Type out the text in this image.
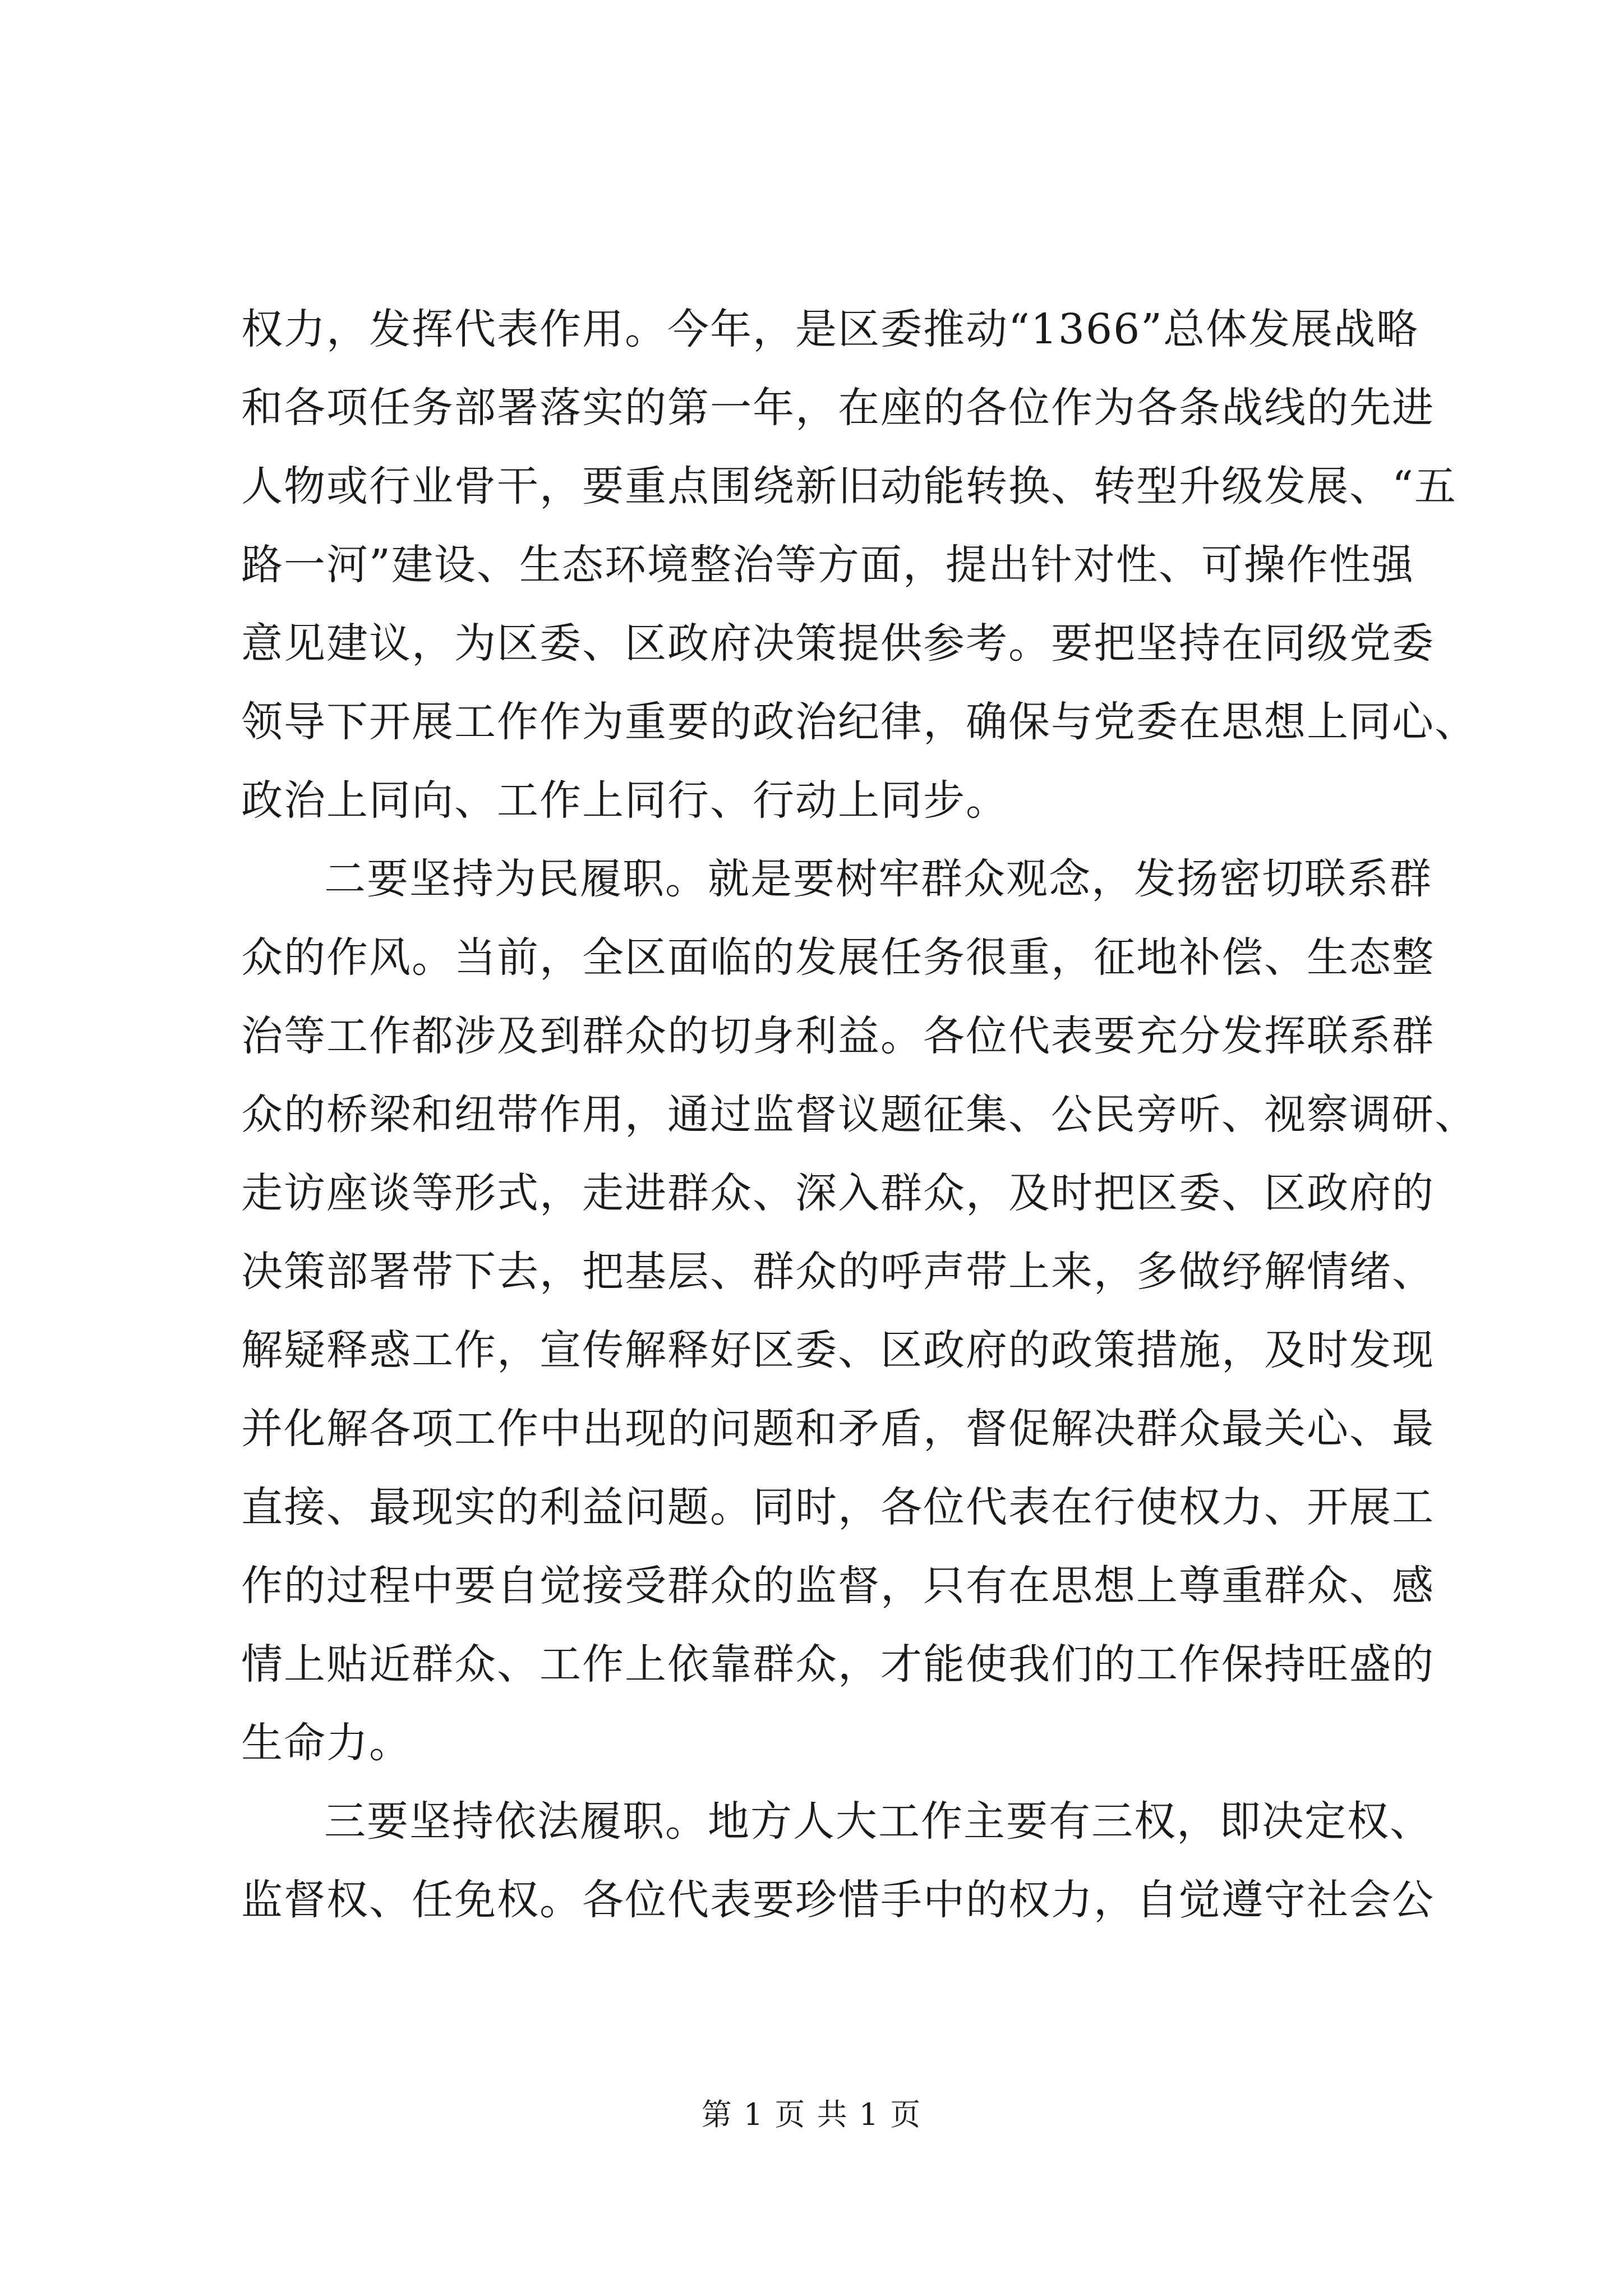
权力，发挥代表作用。今年，是区委推动“1366”总体发展战略
和各项任务部署落实的第一年，在座的各位作为各条战线的先进
人物或行业骨干，要重点围绕新旧动能转换、转型升级发展、“五
路一河”建设、生态环境整治等方面，提出针对性、可操作性强
意见建议，为区委、区政府决策提供参考。要把坚持在同级党委
领导下开展工作作为重要的政治纪律，确保与党委在思想上同心、
政治上同向、工作上同行、行动上同步。
二要坚持为民履职。就是要树牢群众观念，发扬密切联系群
众的作风。当前，全区面临的发展任务很重，征地补偿、生态整
治等工作都涉及到群众的切身利益。各位代表要充分发挥联系群
众的桥梁和纽带作用，通过监督议题征集、公民旁听、视察调研、
走访座谈等形式，走进群众、深入群众，及时把区委、区政府的
决策部署带下去，把基层、群众的呼声带上来，多做纾解情绪、
解疑释惑工作，宣传解释好区委、区政府的政策措施，及时发现
并化解各项工作中出现的问题和矛盾，督促解决群众最关心、最
直接、最现实的利益问题。同时，各位代表在行使权力、开展工
作的过程中要自觉接受群众的监督，只有在思想上尊重群众、感
情上贴近群众、工作上依靠群众，才能使我们的工作保持旺盛的
生命力。
三要坚持依法履职。地方人大工作主要有三权，即决定权、
监督权、任免权。各位代表要珍惜手中的权力，自觉遵守社会公
第 1 页 共 1 页
